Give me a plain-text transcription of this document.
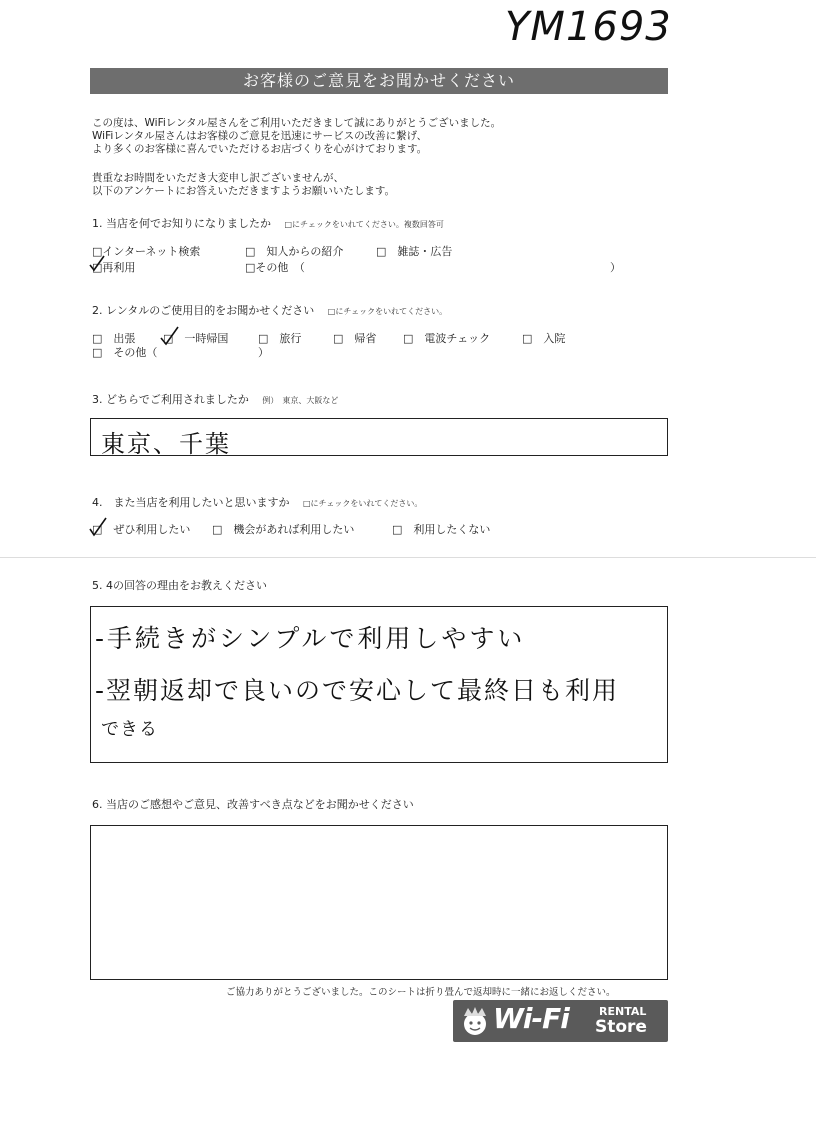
YM1693
お客様のご意見をお聞かせください
この度は、WiFiレンタル屋さんをご利用いただきまして誠にありがとうございました。
WiFiレンタル屋さんはお客様のご意見を迅速にサービスの改善に繋げ、
より多くのお客様に喜んでいただけるお店づくりを心がけております。
貴重なお時間をいただき大変申し訳ございませんが、
以下のアンケートにお答えいただきますようお願いいたします。
1. 当店を何でお知りになりましたか □にチェックをいれてください。複数回答可
□インターネット検索	□　知人からの紹介	□　雑誌・広告
□再利用	□その他　（	）
2. レンタルのご使用目的をお聞かせください □にチェックをいれてください。
□　出張	□　一時帰国	□　旅行	□　帰省 □　電波チェック	□　入院
□　その他（	）
3. どちらでご利用されましたか 例）　東京、大阪など
東京、千葉
4.　また当店を利用したいと思いますか □にチェックをいれてください。
□　ぜひ利用したい □　機会があれば利用したい	□　利用したくない
5. 4の回答の理由をお教えください
-手続きがシンプルで利用しやすい
-翌朝返却で良いので安心して最終日も利用
できる
6. 当店のご感想やご意見、改善すべき点などをお聞かせください
ご協力ありがとうございました。このシートは折り畳んで返却時に一緒にお返しください。
Wi-Fi	RENTAL
Store
